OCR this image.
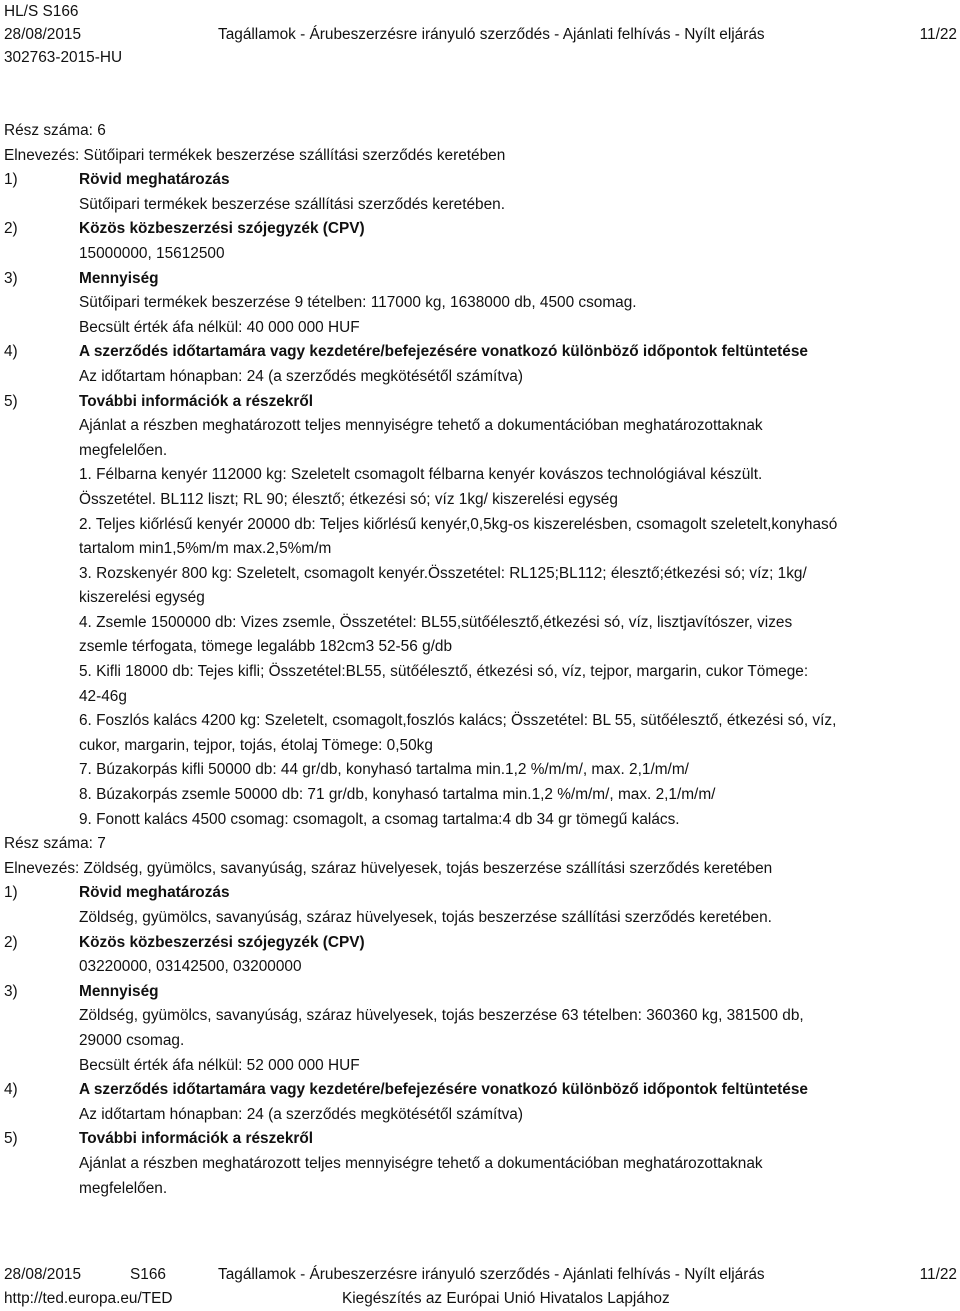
HL/S S166
28/08/2015	Tagállamok - Árubeszerzésre irányuló szerződés - Ajánlati felhívás - Nyílt eljárás	11/22
302763-2015-HU
Rész száma: 6
Elnevezés: Sütőipari termékek beszerzése szállítási szerződés keretében
1)	Rövid meghatározás
Sütőipari termékek beszerzése szállítási szerződés keretében.
2)	Közös közbeszerzési szójegyzék (CPV)
15000000, 15612500
3)	Mennyiség
Sütőipari termékek beszerzése 9 tételben: 117000 kg, 1638000 db, 4500 csomag.
Becsült érték áfa nélkül: 40 000 000 HUF
4)	A szerződés időtartamára vagy kezdetére/befejezésére vonatkozó különböző időpontok feltüntetése
Az időtartam hónapban: 24 (a szerződés megkötésétől számítva)
5)	További információk a részekről
Ajánlat a részben meghatározott teljes mennyiségre tehető a dokumentációban meghatározottaknak
megfelelően.
1. Félbarna kenyér 112000 kg: Szeletelt csomagolt félbarna kenyér kovászos technológiával készült.
Összetétel. BL112 liszt; RL 90; élesztő; étkezési só; víz 1kg/ kiszerelési egység
2. Teljes kiőrlésű kenyér 20000 db: Teljes kiőrlésű kenyér,0,5kg-os kiszerelésben, csomagolt szeletelt,konyhasó
tartalom min1,5%m/m max.2,5%m/m
3. Rozskenyér 800 kg: Szeletelt, csomagolt kenyér.Összetétel: RL125;BL112; élesztő;étkezési só; víz; 1kg/
kiszerelési egység
4. Zsemle 1500000 db: Vizes zsemle, Összetétel: BL55,sütőélesztő,étkezési só, víz, lisztjavítószer, vizes
zsemle térfogata, tömege legalább 182cm3 52-56 g/db
5. Kifli 18000 db: Tejes kifli; Összetétel:BL55, sütőélesztő, étkezési só, víz, tejpor, margarin, cukor Tömege:
42-46g
6. Foszlós kalács 4200 kg: Szeletelt, csomagolt,foszlós kalács; Összetétel: BL 55, sütőélesztő, étkezési só, víz,
cukor, margarin, tejpor, tojás, étolaj Tömege: 0,50kg
7. Búzakorpás kifli 50000 db: 44 gr/db, konyhasó tartalma min.1,2 %/m/m/, max. 2,1/m/m/
8. Búzakorpás zsemle 50000 db: 71 gr/db, konyhasó tartalma min.1,2 %/m/m/, max. 2,1/m/m/
9. Fonott kalács 4500 csomag: csomagolt, a csomag tartalma:4 db 34 gr tömegű kalács.
Rész száma: 7
Elnevezés: Zöldség, gyümölcs, savanyúság, száraz hüvelyesek, tojás beszerzése szállítási szerződés keretében
1)	Rövid meghatározás
Zöldség, gyümölcs, savanyúság, száraz hüvelyesek, tojás beszerzése szállítási szerződés keretében.
2)	Közös közbeszerzési szójegyzék (CPV)
03220000, 03142500, 03200000
3)	Mennyiség
Zöldség, gyümölcs, savanyúság, száraz hüvelyesek, tojás beszerzése 63 tételben: 360360 kg, 381500 db,
29000 csomag.
Becsült érték áfa nélkül: 52 000 000 HUF
4)	A szerződés időtartamára vagy kezdetére/befejezésére vonatkozó különböző időpontok feltüntetése
Az időtartam hónapban: 24 (a szerződés megkötésétől számítva)
5)	További információk a részekről
Ajánlat a részben meghatározott teljes mennyiségre tehető a dokumentációban meghatározottaknak
megfelelően.
28/08/2015	S166	Tagállamok - Árubeszerzésre irányuló szerződés - Ajánlati felhívás - Nyílt eljárás	11/22
http://ted.europa.eu/TED	Kiegészítés az Európai Unió Hivatalos Lapjához
